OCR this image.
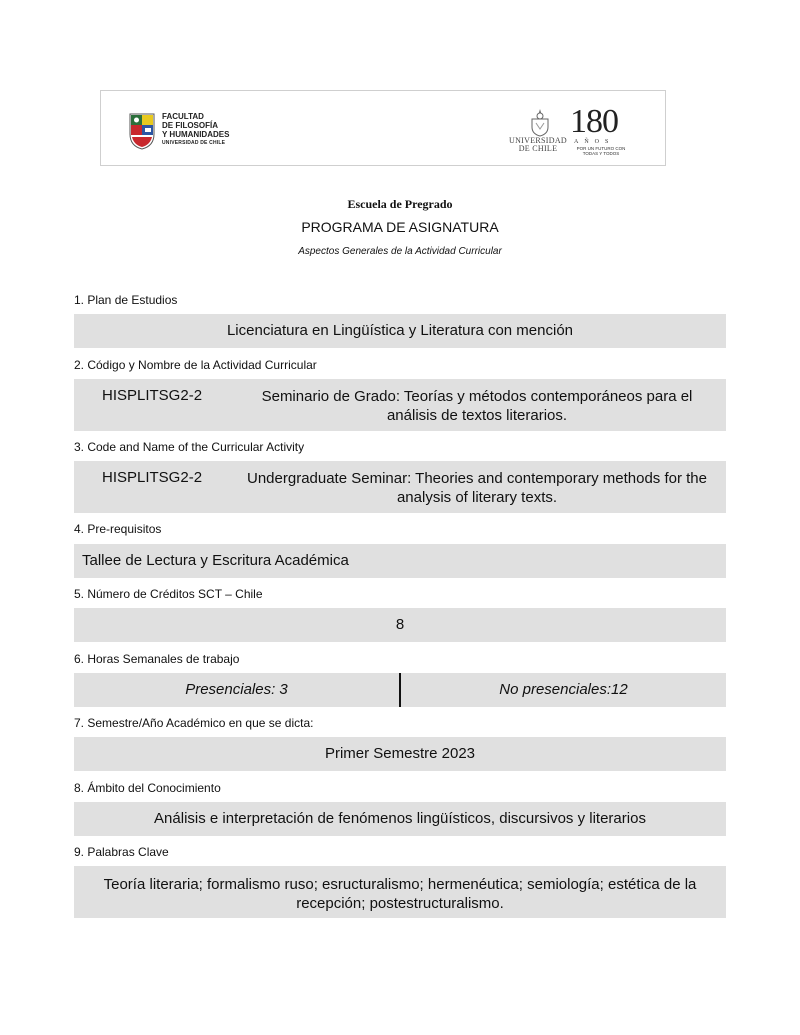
FACULTAD
DE FILOSOFÍA
Y HUMANIDADES
UNIVERSIDAD DE CHILE	UNIVERSIDAD
DE CHILE
180
AÑOS
POR UN FUTURO CON
TODAS Y TODOS
Escuela de Pregrado
PROGRAMA DE ASIGNATURA
Aspectos Generales de la Actividad Curricular
1. Plan de Estudios
Licenciatura en Lingüística y Literatura con mención
2. Código y Nombre de la Actividad Curricular
HISPLITSG2-2	Seminario de Grado: Teorías y métodos contemporáneos para el análisis de textos literarios.
3. Code and Name of the Curricular Activity
HISPLITSG2-2	Undergraduate Seminar: Theories and contemporary methods for the analysis of literary texts.
4. Pre-requisitos
Tallee de Lectura y Escritura Académica
5. Número de Créditos SCT – Chile
8
6. Horas Semanales de trabajo
Presenciales: 3	No presenciales:12
7. Semestre/Año Académico en que se dicta:
Primer Semestre 2023
8. Ámbito del Conocimiento
Análisis e interpretación de fenómenos lingüísticos, discursivos y literarios
9. Palabras Clave
Teoría literaria; formalismo ruso; esructuralismo; hermenéutica; semiología; estética de la recepción; postestructuralismo.
